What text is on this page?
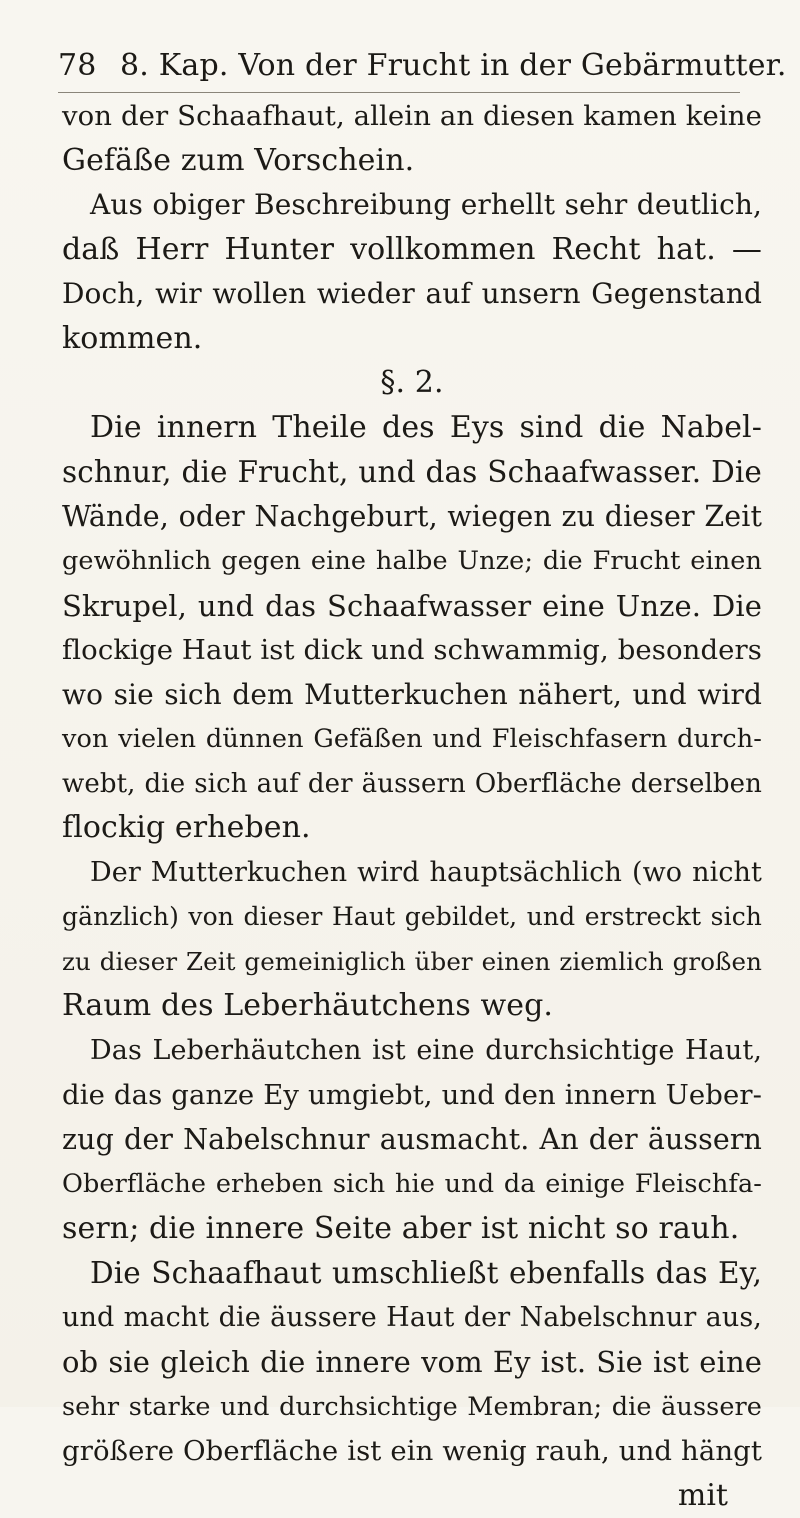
78 8. Kap. Von der Frucht in der Gebärmutter.
von der Schaafhaut, allein an diesen kamen keine
Gefäße zum Vorschein.
Aus obiger Beschreibung erhellt sehr deutlich,
daß Herr Hunter vollkommen Recht hat. —
Doch, wir wollen wieder auf unsern Gegenstand
kommen.
§. 2.
Die innern Theile des Eys sind die Nabel-
schnur, die Frucht, und das Schaafwasser. Die
Wände, oder Nachgeburt, wiegen zu dieser Zeit
gewöhnlich gegen eine halbe Unze; die Frucht einen
Skrupel, und das Schaafwasser eine Unze. Die
flockige Haut ist dick und schwammig, besonders
wo sie sich dem Mutterkuchen nähert, und wird
von vielen dünnen Gefäßen und Fleischfasern durch-
webt, die sich auf der äussern Oberfläche derselben
flockig erheben.
Der Mutterkuchen wird hauptsächlich (wo nicht
gänzlich) von dieser Haut gebildet, und erstreckt sich
zu dieser Zeit gemeiniglich über einen ziemlich großen
Raum des Leberhäutchens weg.
Das Leberhäutchen ist eine durchsichtige Haut,
die das ganze Ey umgiebt, und den innern Ueber-
zug der Nabelschnur ausmacht. An der äussern
Oberfläche erheben sich hie und da einige Fleischfa-
sern; die innere Seite aber ist nicht so rauh.
Die Schaafhaut umschließt ebenfalls das Ey,
und macht die äussere Haut der Nabelschnur aus,
ob sie gleich die innere vom Ey ist. Sie ist eine
sehr starke und durchsichtige Membran; die äussere
größere Oberfläche ist ein wenig rauh, und hängt
mit
